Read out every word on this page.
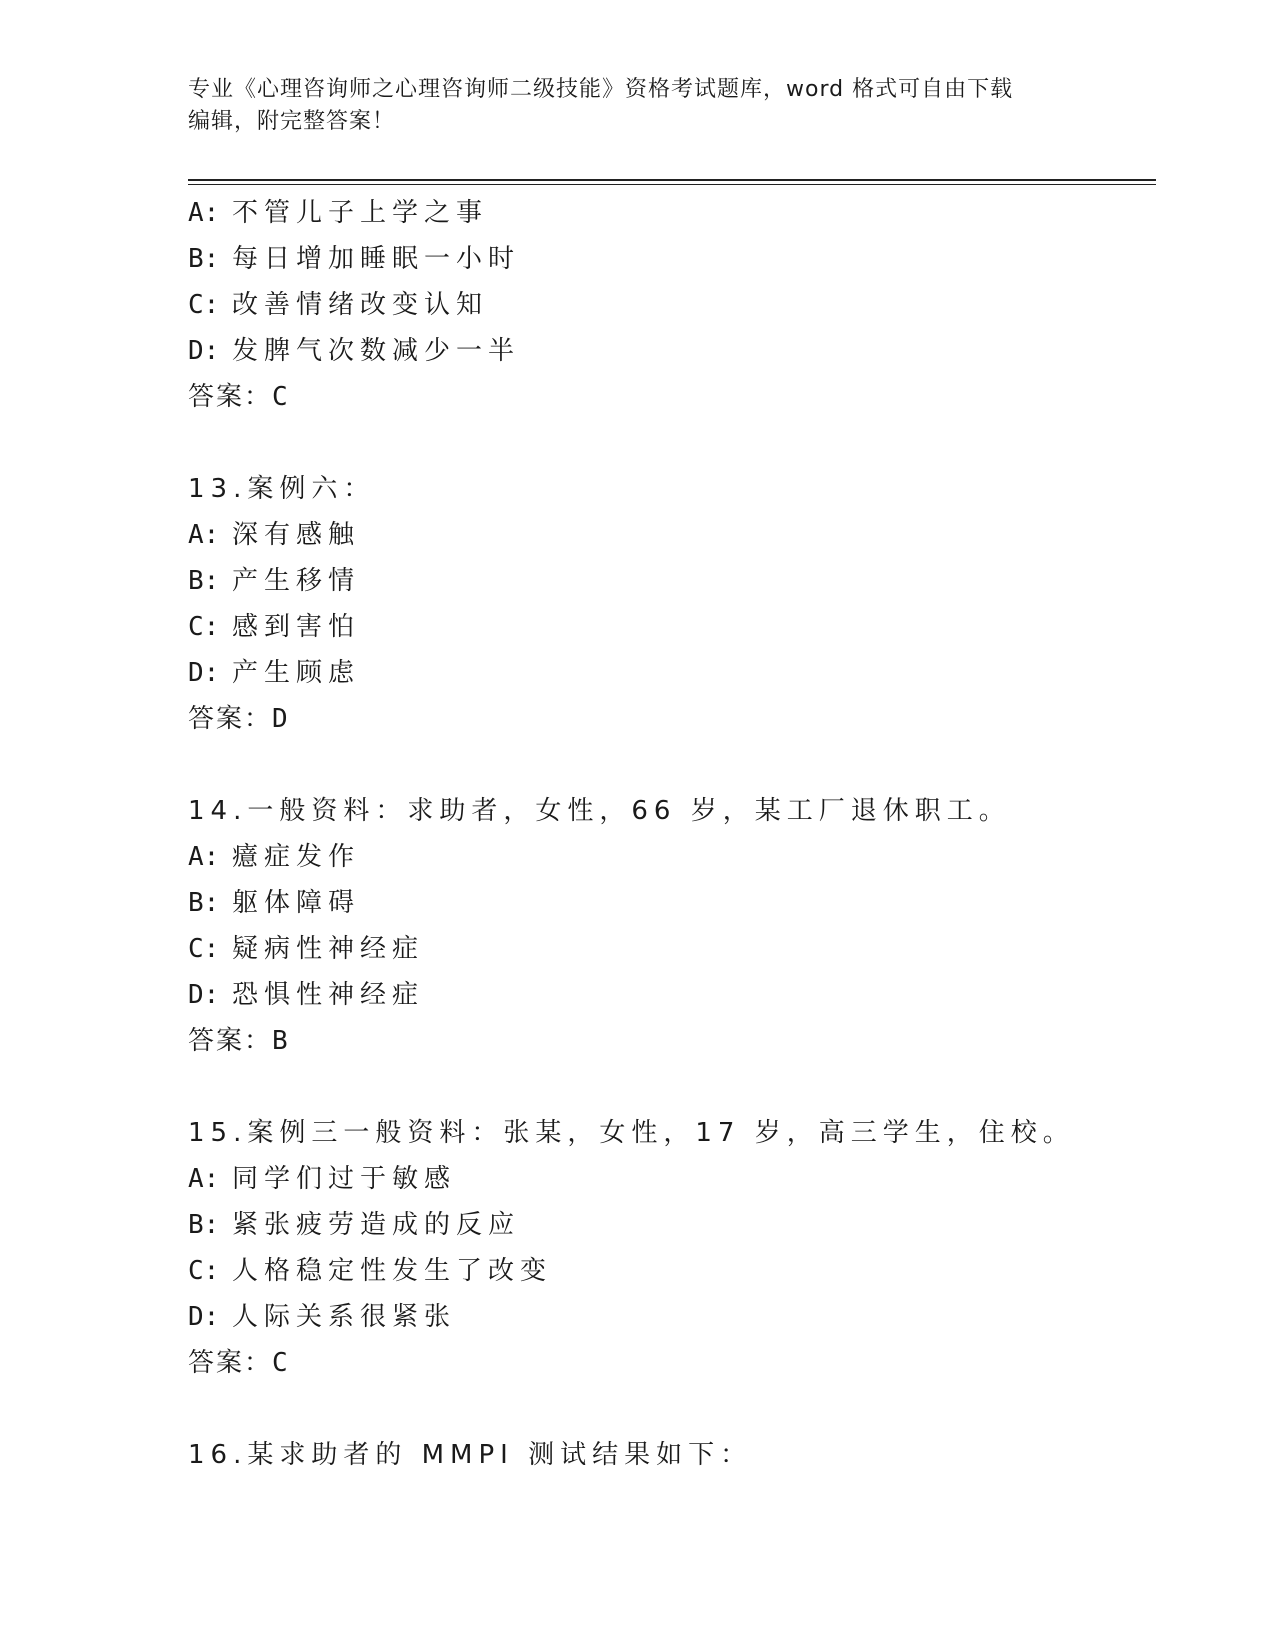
专业《心理咨询师之心理咨询师二级技能》资格考试题库，word 格式可自由下载
编辑，附完整答案！
A: 不管儿子上学之事
B: 每日增加睡眠一小时
C: 改善情绪改变认知
D: 发脾气次数减少一半
答案：C
13.案例六：
A: 深有感触
B: 产生移情
C: 感到害怕
D: 产生顾虑
答案：D
14.一般资料：求助者，女性，66 岁，某工厂退休职工。
A: 癔症发作
B: 躯体障碍
C: 疑病性神经症
D: 恐惧性神经症
答案：B
15.案例三一般资料：张某，女性，17 岁，高三学生，住校。
A: 同学们过于敏感
B: 紧张疲劳造成的反应
C: 人格稳定性发生了改变
D: 人际关系很紧张
答案：C
16.某求助者的 MMPI 测试结果如下：
